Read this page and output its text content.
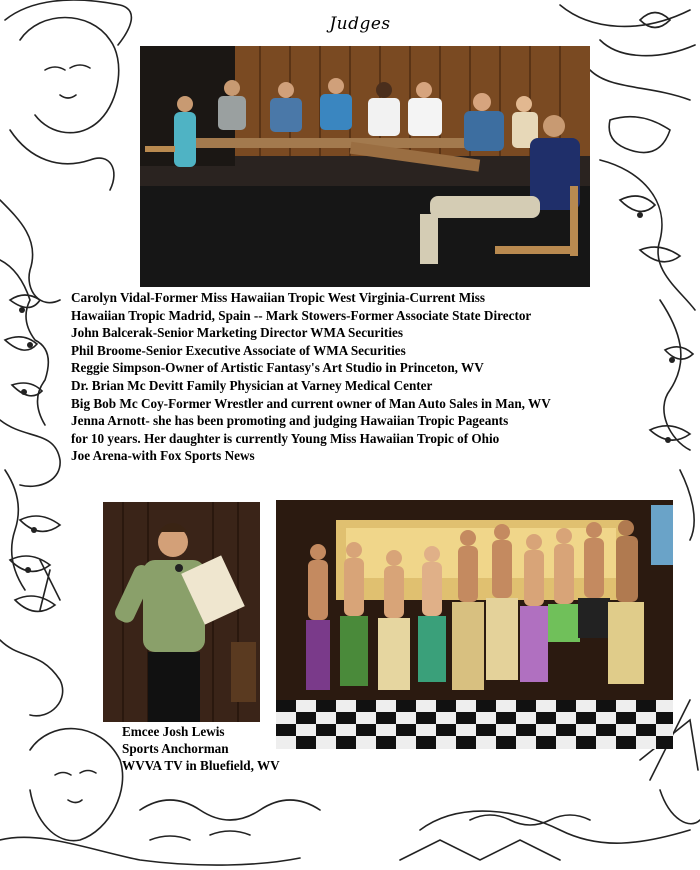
Judges
Carolyn Vidal-Former Miss Hawaiian Tropic West Virginia-Current Miss
Hawaiian Tropic Madrid, Spain -- Mark Stowers-Former Associate State Director
John Balcerak-Senior Marketing Director WMA Securities
Phil Broome-Senior Executive Associate of WMA Securities
Reggie Simpson-Owner of Artistic Fantasy's Art Studio in Princeton, WV
Dr. Brian Mc Devitt Family Physician at Varney Medical Center
Big Bob Mc Coy-Former Wrestler and current owner of Man Auto Sales in Man, WV
Jenna Arnott- she has been promoting and judging Hawaiian Tropic Pageants
for 10 years. Her daughter is currently Young Miss Hawaiian Tropic of Ohio
Joe Arena-with Fox Sports News
Emcee Josh Lewis
Sports Anchorman
WVVA TV in Bluefield, WV
